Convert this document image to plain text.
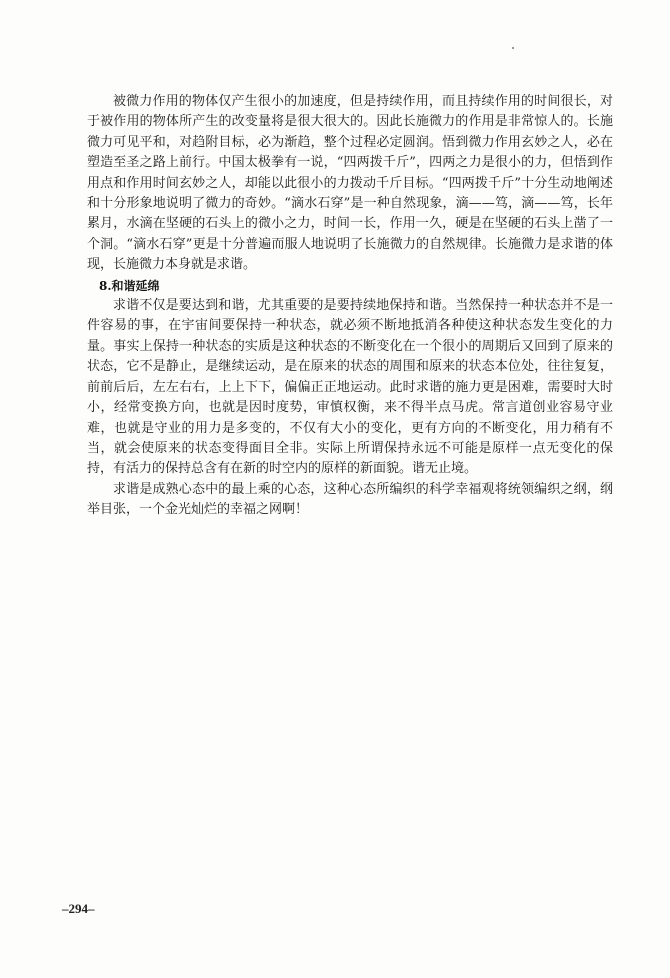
被微力作用的物体仅产生很小的加速度，但是持续作用，而且持续作用的时间很长，对于被作用的物体所产生的改变量将是很大很大的。因此长施微力的作用是非常惊人的。长施微力可见平和，对趋附目标，必为渐趋，整个过程必定圆润。悟到微力作用玄妙之人，必在塑造至圣之路上前行。中国太极拳有一说，“四两拨千斤”，四两之力是很小的力，但悟到作用点和作用时间玄妙之人，却能以此很小的力拨动千斤目标。“四两拨千斤”十分生动地阐述和十分形象地说明了微力的奇妙。“滴水石穿”是一种自然现象，滴——笃，滴——笃，长年累月，水滴在坚硬的石头上的微小之力，时间一长，作用一久，硬是在坚硬的石头上凿了一个洞。“滴水石穿”更是十分普遍而服人地说明了长施微力的自然规律。长施微力是求谐的体现，长施微力本身就是求谐。

8.和谐延绵

求谐不仅是要达到和谐，尤其重要的是要持续地保持和谐。当然保持一种状态并不是一件容易的事，在宇宙间要保持一种状态，就必须不断地抵消各种使这种状态发生变化的力量。事实上保持一种状态的实质是这种状态的不断变化在一个很小的周期后又回到了原来的状态，它不是静止，是继续运动，是在原来的状态的周围和原来的状态本位处，往往复复，前前后后，左左右右，上上下下，偏偏正正地运动。此时求谐的施力更是困难，需要时大时小，经常变换方向，也就是因时度势，审慎权衡，来不得半点马虎。常言道创业容易守业难，也就是守业的用力是多变的，不仅有大小的变化，更有方向的不断变化，用力稍有不当，就会使原来的状态变得面目全非。实际上所谓保持永远不可能是原样一点无变化的保持，有活力的保持总含有在新的时空内的原样的新面貌。谐无止境。

求谐是成熟心态中的最上乘的心态，这种心态所编织的科学幸福观将统领编织之纲，纲举目张，一个金光灿烂的幸福之网啊！

–294–
